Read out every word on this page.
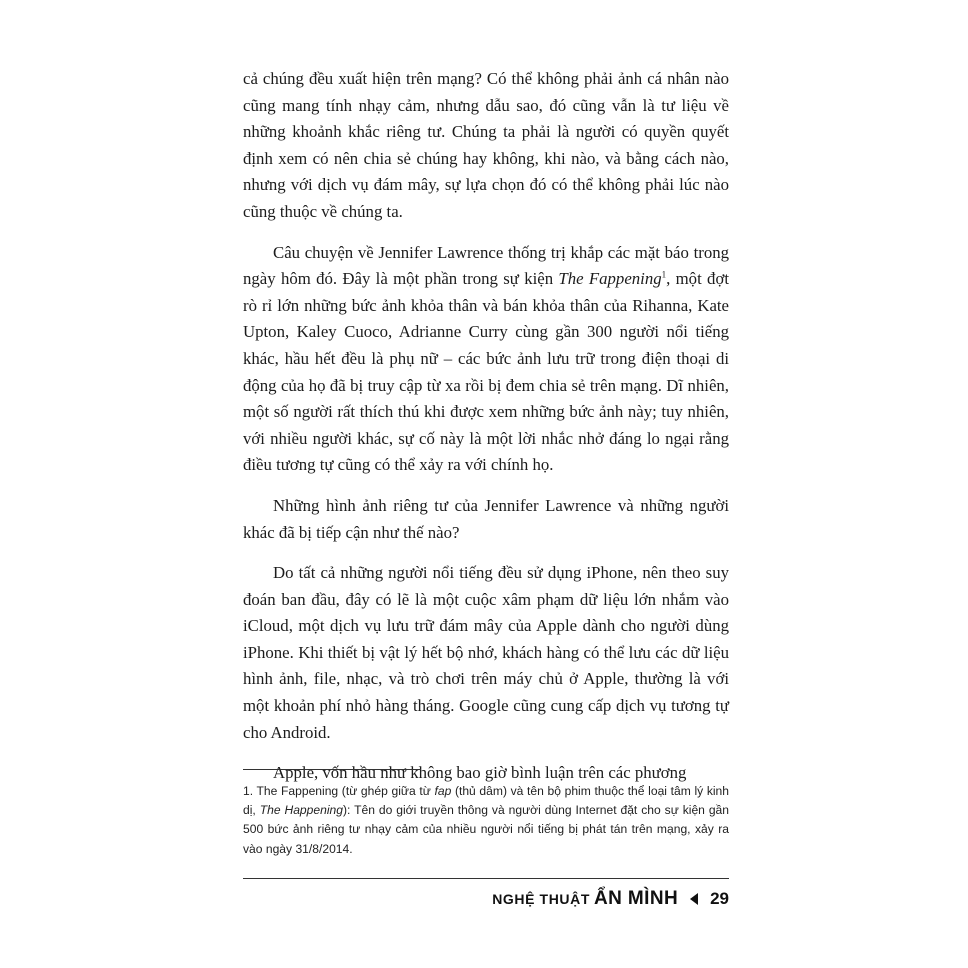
cả chúng đều xuất hiện trên mạng? Có thể không phải ảnh cá nhân nào cũng mang tính nhạy cảm, nhưng dẫu sao, đó cũng vẫn là tư liệu về những khoảnh khắc riêng tư. Chúng ta phải là người có quyền quyết định xem có nên chia sẻ chúng hay không, khi nào, và bằng cách nào, nhưng với dịch vụ đám mây, sự lựa chọn đó có thể không phải lúc nào cũng thuộc về chúng ta.

Câu chuyện về Jennifer Lawrence thống trị khắp các mặt báo trong ngày hôm đó. Đây là một phần trong sự kiện The Fappening$^1$, một đợt rò rỉ lớn những bức ảnh khỏa thân và bán khỏa thân của Rihanna, Kate Upton, Kaley Cuoco, Adrianne Curry cùng gần 300 người nổi tiếng khác, hầu hết đều là phụ nữ – các bức ảnh lưu trữ trong điện thoại di động của họ đã bị truy cập từ xa rồi bị đem chia sẻ trên mạng. Dĩ nhiên, một số người rất thích thú khi được xem những bức ảnh này; tuy nhiên, với nhiều người khác, sự cố này là một lời nhắc nhở đáng lo ngại rằng điều tương tự cũng có thể xảy ra với chính họ.

Những hình ảnh riêng tư của Jennifer Lawrence và những người khác đã bị tiếp cận như thế nào?

Do tất cả những người nổi tiếng đều sử dụng iPhone, nên theo suy đoán ban đầu, đây có lẽ là một cuộc xâm phạm dữ liệu lớn nhắm vào iCloud, một dịch vụ lưu trữ đám mây của Apple dành cho người dùng iPhone. Khi thiết bị vật lý hết bộ nhớ, khách hàng có thể lưu các dữ liệu hình ảnh, file, nhạc, và trò chơi trên máy chủ ở Apple, thường là với một khoản phí nhỏ hàng tháng. Google cũng cung cấp dịch vụ tương tự cho Android.

Apple, vốn hầu như không bao giờ bình luận trên các phương

1. The Fappening (từ ghép giữa từ fap (thủ dâm) và tên bộ phim thuộc thể loại tâm lý kinh dị, The Happening): Tên do giới truyền thông và người dùng Internet đặt cho sự kiện gần 500 bức ảnh riêng tư nhạy cảm của nhiều người nổi tiếng bị phát tán trên mạng, xảy ra vào ngày 31/8/2014.
NGHỆ THUẬT ẨN MÌNH 29
